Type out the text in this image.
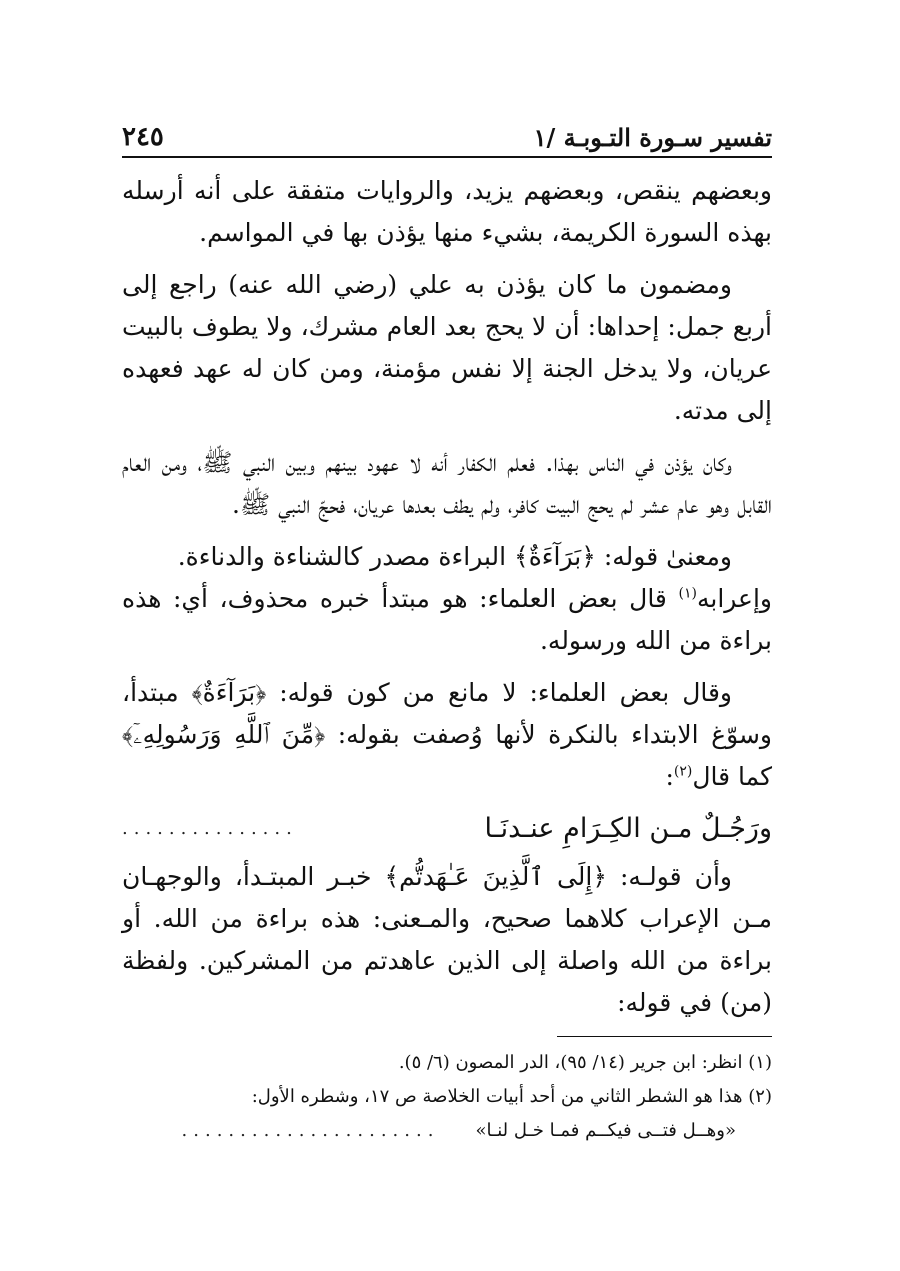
تفسير سـورة التـوبـة /١
٢٤٥

وبعضهم ينقص، وبعضهم يزيد، والروايات متفقة على أنه أرسله بهذه السورة الكريمة، بشيء منها يؤذن بها في المواسم.

ومضمون ما كان يؤذن به علي (رضي الله عنه) راجع إلى أربع جمل: إحداها: أن لا يحج بعد العام مشرك، ولا يطوف بالبيت عريان، ولا يدخل الجنة إلا نفس مؤمنة، ومن كان له عهد فعهده إلى مدته.

وكان يؤذن في الناس بهذا. فعلم الكفار أنه لا عهود بينهم وبين النبي ﷺ، ومن العام القابل وهو عام عشر لم يحج البيت كافر، ولم يطف بعدها عريان، فحجّ النبي ﷺ.

ومعنىٰ قوله: ﴿بَرَآءَةٌ﴾ البراءة مصدر كالشناءة والدناءة.

وإعرابه$^{(١)}$ قال بعض العلماء: هو مبتدأ خبره محذوف، أي: هذه براءة من الله ورسوله.

وقال بعض العلماء: لا مانع من كون قوله: ﴿بَرَآءَةٌ﴾ مبتدأ، وسوّغ الابتداء بالنكرة لأنها وُصفت بقوله: ﴿مِّنَ ٱللَّهِ وَرَسُولِهِۦٓ﴾ كما قال$^{(٢)}$:

ورَجُـلٌ مـن الكِـرَامِ عنـدنَـا
...............

وأن قولـه: ﴿إِلَى ٱلَّذِينَ عَـٰهَدتُّم﴾ خبـر المبتـدأ، والوجهـان مـن الإعراب كلاهما صحيح، والمـعنى: هذه براءة من الله. أو براءة من الله واصلة إلى الذين عاهدتم من المشركين. ولفظة (من) في قوله:

(١) انظر: ابن جرير (١٤/ ٩٥)، الدر المصون (٦/ ٥).
(٢) هذا هو الشطر الثاني من أحد أبيات الخلاصة ص ١٧، وشطره الأول:
«وهــل فتــى فيكــم فمـا خـل لنـا»
......................
